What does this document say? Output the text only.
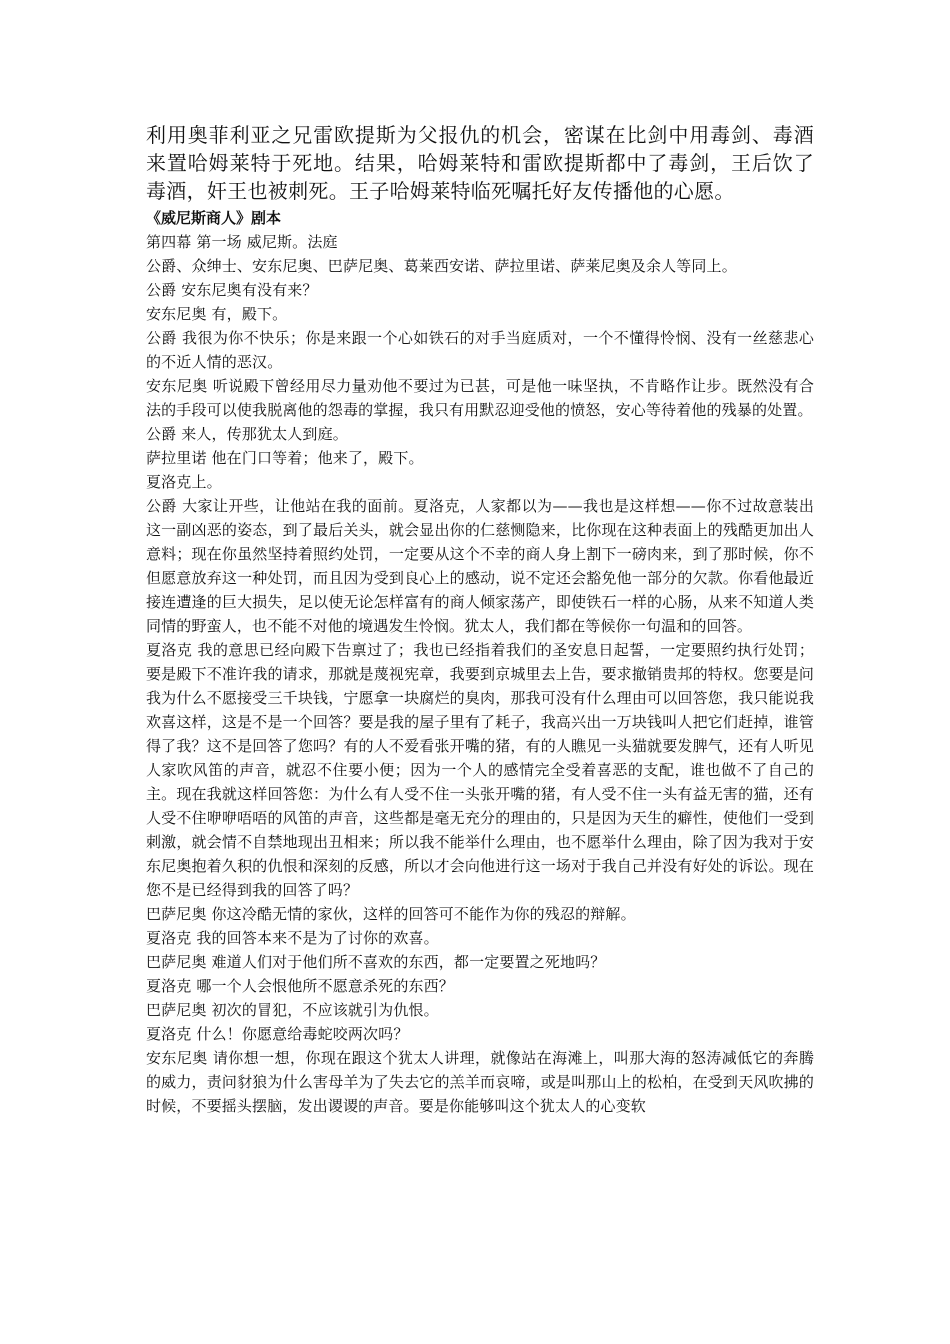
利用奥菲利亚之兄雷欧提斯为父报仇的机会，密谋在比剑中用毒剑、毒酒来置哈姆莱特于死地。结果，哈姆莱特和雷欧提斯都中了毒剑，王后饮了毒酒，奸王也被刺死。王子哈姆莱特临死嘱托好友传播他的心愿。

《威尼斯商人》剧本

第四幕 第一场 威尼斯。法庭

公爵、众绅士、安东尼奥、巴萨尼奥、葛莱西安诺、萨拉里诺、萨莱尼奥及余人等同上。

公爵 安东尼奥有没有来？

安东尼奥 有，殿下。

公爵 我很为你不快乐；你是来跟一个心如铁石的对手当庭质对，一个不懂得怜悯、没有一丝慈悲心的不近人情的恶汉。

安东尼奥 听说殿下曾经用尽力量劝他不要过为已甚，可是他一味坚执，不肯略作让步。既然没有合法的手段可以使我脱离他的怨毒的掌握，我只有用默忍迎受他的愤怒，安心等待着他的残暴的处置。

公爵 来人，传那犹太人到庭。

萨拉里诺 他在门口等着；他来了，殿下。

夏洛克上。

公爵 大家让开些，让他站在我的面前。夏洛克，人家都以为——我也是这样想——你不过故意装出这一副凶恶的姿态，到了最后关头，就会显出你的仁慈恻隐来，比你现在这种表面上的残酷更加出人意料；现在你虽然坚持着照约处罚，一定要从这个不幸的商人身上割下一磅肉来，到了那时候，你不但愿意放弃这一种处罚，而且因为受到良心上的感动，说不定还会豁免他一部分的欠款。你看他最近接连遭逢的巨大损失，足以使无论怎样富有的商人倾家荡产，即使铁石一样的心肠，从来不知道人类同情的野蛮人，也不能不对他的境遇发生怜悯。犹太人，我们都在等候你一句温和的回答。

夏洛克 我的意思已经向殿下告禀过了；我也已经指着我们的圣安息日起誓，一定要照约执行处罚；要是殿下不准许我的请求，那就是蔑视宪章，我要到京城里去上告，要求撤销贵邦的特权。您要是问我为什么不愿接受三千块钱，宁愿拿一块腐烂的臭肉，那我可没有什么理由可以回答您，我只能说我欢喜这样，这是不是一个回答？要是我的屋子里有了耗子，我高兴出一万块钱叫人把它们赶掉，谁管得了我？这不是回答了您吗？有的人不爱看张开嘴的猪，有的人瞧见一头猫就要发脾气，还有人听见人家吹风笛的声音，就忍不住要小便；因为一个人的感情完全受着喜恶的支配，谁也做不了自己的主。现在我就这样回答您：为什么有人受不住一头张开嘴的猪，有人受不住一头有益无害的猫，还有人受不住咿咿唔唔的风笛的声音，这些都是毫无充分的理由的，只是因为天生的癖性，使他们一受到刺激，就会情不自禁地现出丑相来；所以我不能举什么理由，也不愿举什么理由，除了因为我对于安东尼奥抱着久积的仇恨和深刻的反感，所以才会向他进行这一场对于我自己并没有好处的诉讼。现在您不是已经得到我的回答了吗？

巴萨尼奥 你这冷酷无情的家伙，这样的回答可不能作为你的残忍的辩解。

夏洛克 我的回答本来不是为了讨你的欢喜。

巴萨尼奥 难道人们对于他们所不喜欢的东西，都一定要置之死地吗？

夏洛克 哪一个人会恨他所不愿意杀死的东西？

巴萨尼奥 初次的冒犯，不应该就引为仇恨。

夏洛克 什么！你愿意给毒蛇咬两次吗？

安东尼奥 请你想一想，你现在跟这个犹太人讲理，就像站在海滩上，叫那大海的怒涛减低它的奔腾的威力，责问豺狼为什么害母羊为了失去它的羔羊而哀啼，或是叫那山上的松柏，在受到天风吹拂的时候，不要摇头摆脑，发出谡谡的声音。要是你能够叫这个犹太人的心变软
